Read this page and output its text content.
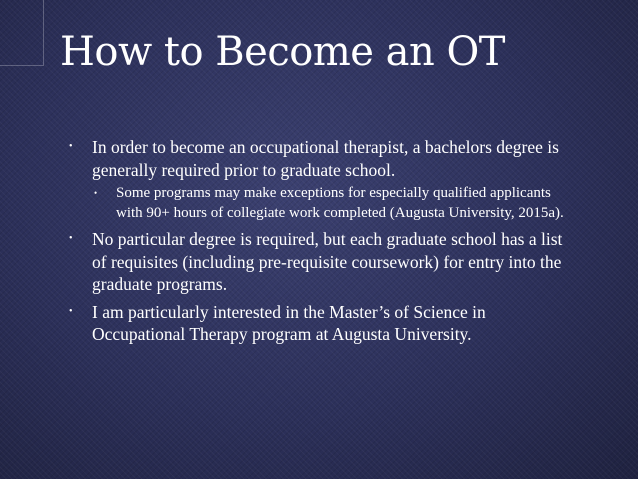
How to Become an OT
• In order to become an occupational therapist, a bachelors degree is generally required prior to graduate school.
• Some programs may make exceptions for especially qualified applicants with 90+ hours of collegiate work completed (Augusta University, 2015a).
• No particular degree is required, but each graduate school has a list of requisites (including pre-requisite coursework) for entry into the graduate programs.
• I am particularly interested in the Master’s of Science in Occupational Therapy program at Augusta University.
